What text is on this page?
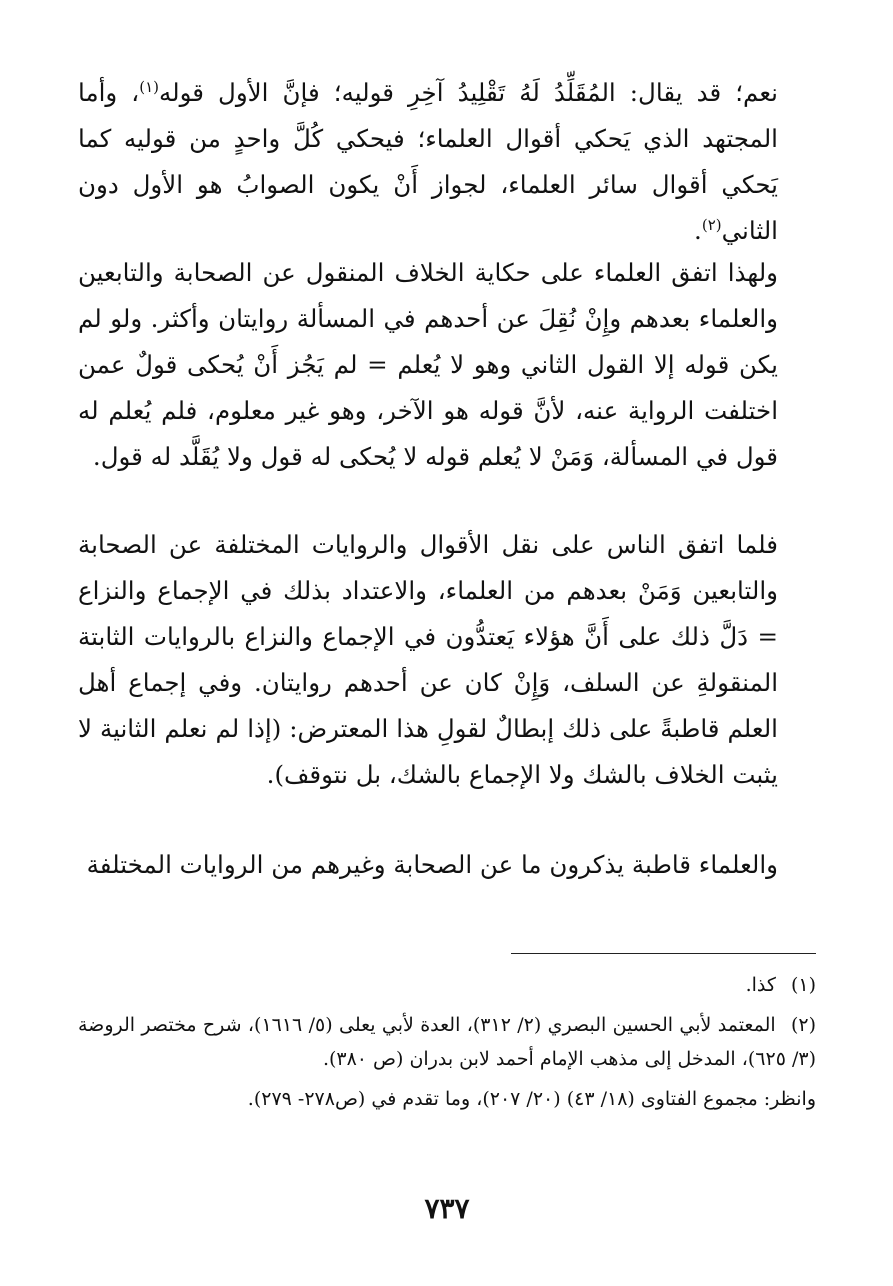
نعم؛ قد يقال: المُقَلِّدُ لَهُ تَقْلِيدُ آخِرِ قوليه؛ فإنَّ الأول قوله$^{(١)}$، وأما المجتهد الذي يَحكي أقوال العلماء؛ فيحكي كُلَّ واحدٍ من قوليه كما يَحكي أقوال سائر العلماء، لجواز أَنْ يكون الصوابُ هو الأول دون الثاني$^{(٢)}$.

ولهذا اتفق العلماء على حكاية الخلاف المنقول عن الصحابة والتابعين والعلماء بعدهم وإِنْ نُقِلَ عن أحدهم في المسألة روايتان وأكثر. ولو لم يكن قوله إلا القول الثاني وهو لا يُعلم = لم يَجُز أَنْ يُحكى قولٌ عمن اختلفت الرواية عنه، لأنَّ قوله هو الآخر، وهو غير معلوم، فلم يُعلم له قول في المسألة، وَمَنْ لا يُعلم قوله لا يُحكى له قول ولا يُقَلَّد له قول.

فلما اتفق الناس على نقل الأقوال والروايات المختلفة عن الصحابة والتابعين وَمَنْ بعدهم من العلماء، والاعتداد بذلك في الإجماع والنزاع = دَلَّ ذلك على أَنَّ هؤلاء يَعتدُّون في الإجماع والنزاع بالروايات الثابتة المنقولةِ عن السلف، وَإِنْ كان عن أحدهم روايتان. وفي إجماع أهل العلم قاطبةً على ذلك إبطالٌ لقولِ هذا المعترض: (إذا لم نعلم الثانية لا يثبت الخلاف بالشك ولا الإجماع بالشك، بل نتوقف).

والعلماء قاطبة يذكرون ما عن الصحابة وغيرهم من الروايات المختلفة

(١) كذا.

(٢) المعتمد لأبي الحسين البصري (٢/ ٣١٢)، العدة لأبي يعلى (٥/ ١٦١٦)، شرح مختصر الروضة (٣/ ٦٢٥)، المدخل إلى مذهب الإمام أحمد لابن بدران (ص ٣٨٠).

وانظر: مجموع الفتاوى (١٨/ ٤٣) (٢٠/ ٢٠٧)، وما تقدم في (ص٢٧٨- ٢٧٩).

٧٣٧
